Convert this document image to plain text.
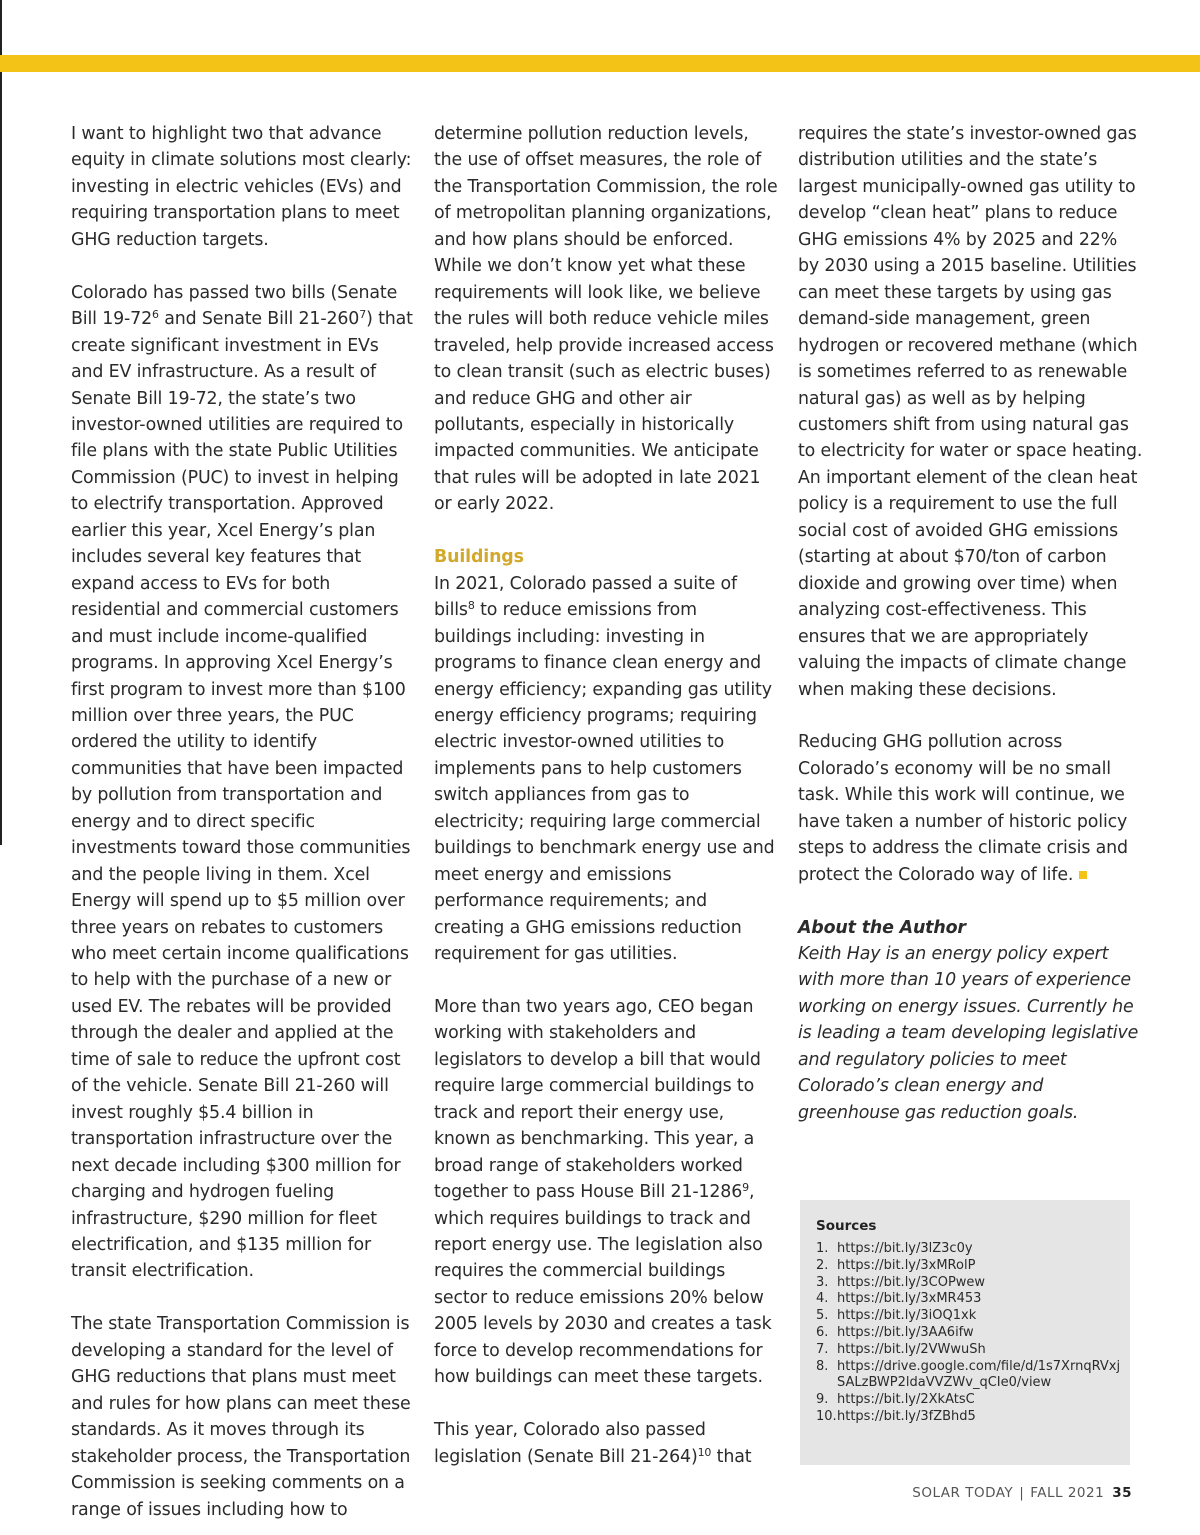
I want to highlight two that advance equity in climate solutions most clearly: investing in electric vehicles (EVs) and requiring transportation plans to meet GHG reduction targets.

Colorado has passed two bills (Senate Bill $19-72^6$ and Senate Bill $21-260^7$) that create significant investment in EVs and EV infrastructure. As a result of Senate Bill 19-72, the state’s two investor-owned utilities are required to file plans with the state Public Utilities Commission (PUC) to invest in helping to electrify transportation. Approved earlier this year, Xcel Energy’s plan includes several key features that expand access to EVs for both residential and commercial customers and must include income-qualified programs. In approving Xcel Energy’s first program to invest more than $100 million over three years, the PUC ordered the utility to identify communities that have been impacted by pollution from transportation and energy and to direct specific investments toward those communities and the people living in them. Xcel Energy will spend up to $5 million over three years on rebates to customers who meet certain income qualifications to help with the purchase of a new or used EV. The rebates will be provided through the dealer and applied at the time of sale to reduce the upfront cost of the vehicle. Senate Bill 21-260 will invest roughly $5.4 billion in transportation infrastructure over the next decade including $300 million for charging and hydrogen fueling infrastructure, $290 million for fleet electrification, and $135 million for transit electrification.

The state Transportation Commission is developing a standard for the level of GHG reductions that plans must meet and rules for how plans can meet these standards. As it moves through its stakeholder process, the Transportation Commission is seeking comments on a range of issues including how to

determine pollution reduction levels, the use of offset measures, the role of the Transportation Commission, the role of metropolitan planning organizations, and how plans should be enforced. While we don’t know yet what these requirements will look like, we believe the rules will both reduce vehicle miles traveled, help provide increased access to clean transit (such as electric buses) and reduce GHG and other air pollutants, especially in historically impacted communities. We anticipate that rules will be adopted in late 2021 or early 2022.

Buildings

In 2021, Colorado passed a suite of bills$^8$ to reduce emissions from buildings including: investing in programs to finance clean energy and energy efficiency; expanding gas utility energy efficiency programs; requiring electric investor-owned utilities to implements pans to help customers switch appliances from gas to electricity; requiring large commercial buildings to benchmark energy use and meet energy and emissions performance requirements; and creating a GHG emissions reduction requirement for gas utilities.

More than two years ago, CEO began working with stakeholders and legislators to develop a bill that would require large commercial buildings to track and report their energy use, known as benchmarking. This year, a broad range of stakeholders worked together to pass House Bill 21-1286$^9$, which requires buildings to track and report energy use. The legislation also requires the commercial buildings sector to reduce emissions 20% below 2005 levels by 2030 and creates a task force to develop recommendations for how buildings can meet these targets.

This year, Colorado also passed legislation (Senate Bill 21-264)$^{10}$ that

requires the state’s investor-owned gas distribution utilities and the state’s largest municipally-owned gas utility to develop “clean heat” plans to reduce GHG emissions 4% by 2025 and 22% by 2030 using a 2015 baseline. Utilities can meet these targets by using gas demand-side management, green hydrogen or recovered methane (which is sometimes referred to as renewable natural gas) as well as by helping customers shift from using natural gas to electricity for water or space heating. An important element of the clean heat policy is a requirement to use the full social cost of avoided GHG emissions (starting at about $70/ton of carbon dioxide and growing over time) when analyzing cost-effectiveness. This ensures that we are appropriately valuing the impacts of climate change when making these decisions.

Reducing GHG pollution across Colorado’s economy will be no small task. While this work will continue, we have taken a number of historic policy steps to address the climate crisis and protect the Colorado way of life.

About the Author

Keith Hay is an energy policy expert with more than 10 years of experience working on energy issues. Currently he is leading a team developing legislative and regulatory policies to meet Colorado’s clean energy and greenhouse gas reduction goals.

Sources
1. https://bit.ly/3lZ3c0y
2. https://bit.ly/3xMRolP
3. https://bit.ly/3COPwew
4. https://bit.ly/3xMR453
5. https://bit.ly/3iOQ1xk
6. https://bit.ly/3AA6ifw
7. https://bit.ly/2VWwuSh
8. https://drive.google.com/file/d/1s7XrnqRVxjSALzBWP2ldaVVZWv_qCIe0/view
9. https://bit.ly/2XkAtsC
10. https://bit.ly/3fZBhd5
SOLAR TODAY | FALL 2021 35
